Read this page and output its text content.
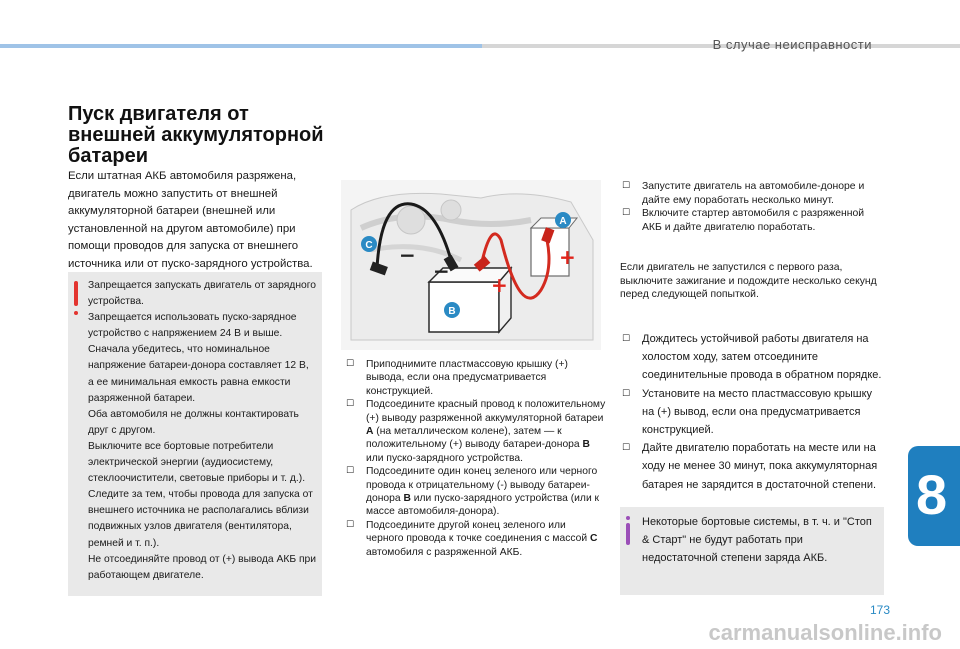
В случае неисправности
8
173
carmanualsonline.info
Пуск двигателя от внешней аккумуляторной батареи

Если штатная АКБ автомобиля разряжена, двигатель можно запустить от внешней аккумуляторной батареи (внешней или установленной на другом автомобиле) при помощи проводов для запуска от внешнего источника или от пуско-зарядного устройства.

Запрещается запускать двигатель от зарядного устройства.

Запрещается использовать пуско-зарядное устройство с напряжением 24 В и выше.

Сначала убедитесь, что номинальное напряжение батареи-донора составляет 12 В, а ее минимальная емкость равна емкости разряженной батареи.

Оба автомобиля не должны контактировать друг с другом.

Выключите все бортовые потребители электрической энергии (аудиосистему, стеклоочистители, световые приборы и т. д.).

Следите за тем, чтобы провода для запуска от внешнего источника не располагались вблизи подвижных узлов двигателя (вентилятора, ремней и т. п.).

Не отсоединяйте провод от (+) вывода АКБ при работающем двигателе.

−
−
+
+
A
B
C
☐ Приподнимите пластмассовую крышку (+) вывода, если она предусматривается конструкцией.
☐ Подсоедините красный провод к положительному (+) выводу разряженной аккумуляторной батареи A (на металлическом колене), затем — к положительному (+) выводу батареи-донора B или пуско-зарядного устройства.
☐ Подсоедините один конец зеленого или черного провода к отрицательному (-) выводу батареи-донора B или пуско-зарядного устройства (или к массе автомобиля-донора).
☐ Подсоедините другой конец зеленого или черного провода к точке соединения с массой C автомобиля с разряженной АКБ.
☐ Запустите двигатель на автомобиле-доноре и дайте ему поработать несколько минут.
☐ Включите стартер автомобиля с разряженной АКБ и дайте двигателю поработать.

Если двигатель не запустился с первого раза, выключите зажигание и подождите несколько секунд перед следующей попыткой.

☐ Дождитесь устойчивой работы двигателя на холостом ходу, затем отсоедините соединительные провода в обратном порядке.
☐ Установите на место пластмассовую крышку на (+) вывод, если она предусматривается конструкцией.
☐ Дайте двигателю поработать на месте или на ходу не менее 30 минут, пока аккумуляторная батарея не зарядится в достаточной степени.
Некоторые бортовые системы, в т. ч. и "Стоп & Старт" не будут работать при недостаточной степени заряда АКБ.
